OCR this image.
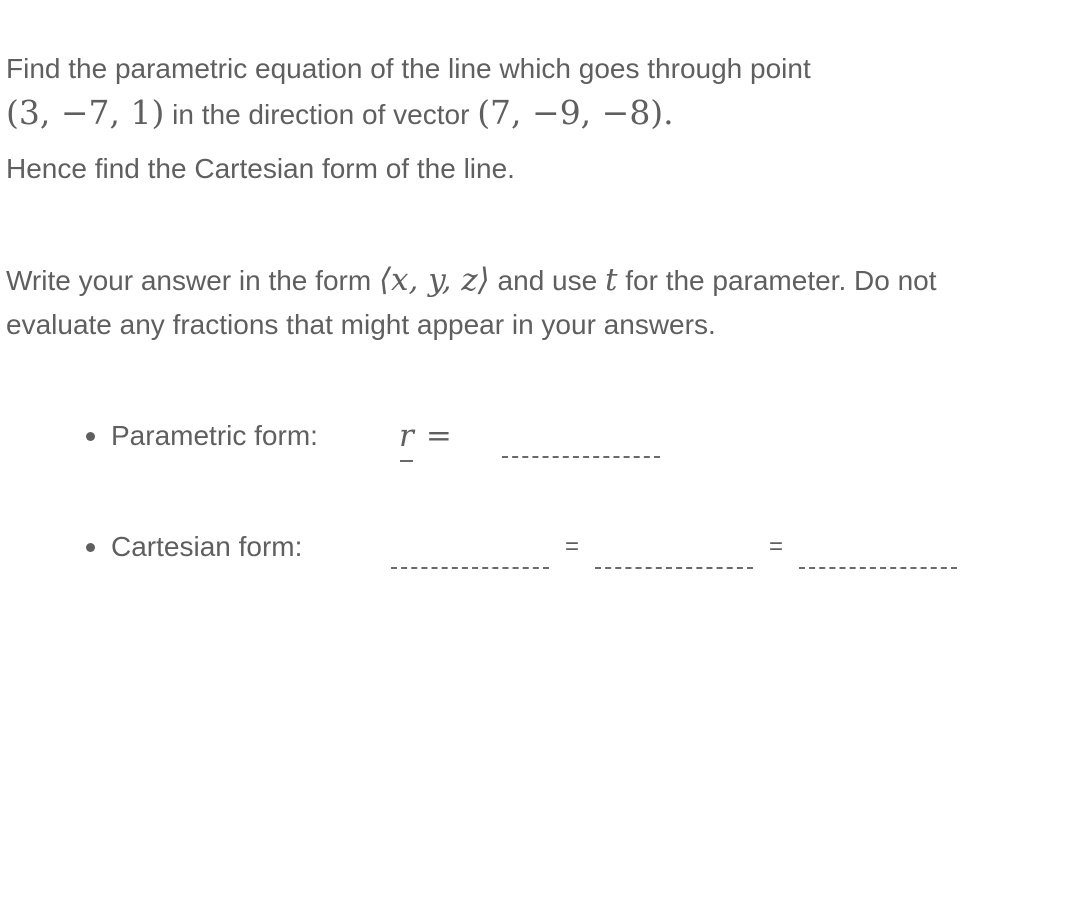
Find the parametric equation of the line which goes through point
(3, −7, 1) in the direction of vector (7, −9, −8).
Hence find the Cartesian form of the line.
Write your answer in the form ⟨x, y, z⟩ and use t for the parameter. Do not
evaluate any fractions that might appear in your answers.
Parametric form:	r =
Cartesian form:	=	=
